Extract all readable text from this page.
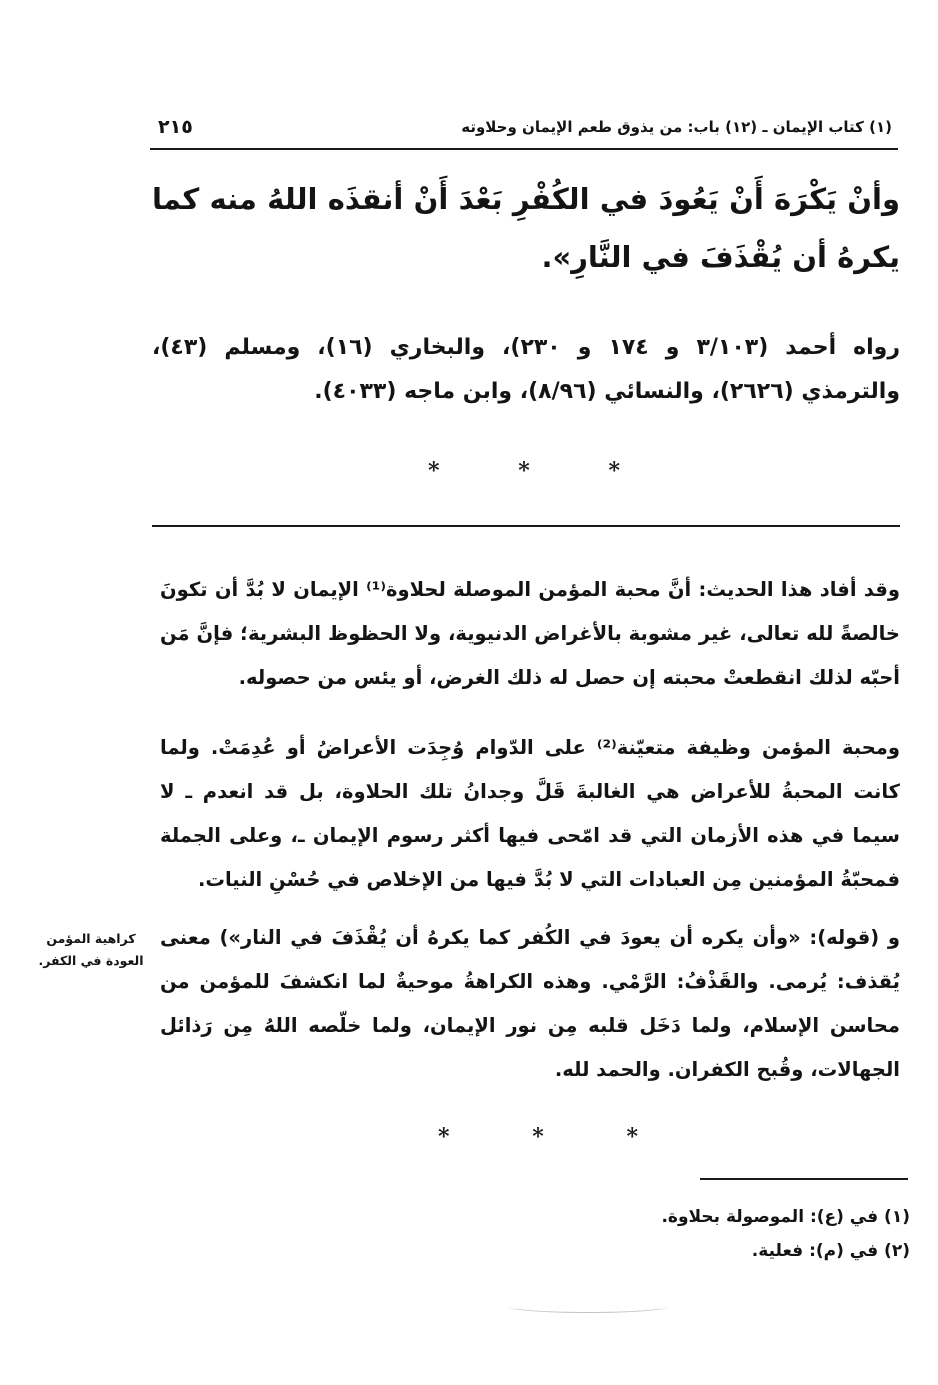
٢١٥	(١) كتاب الإيمان ـ (١٢) باب: من يذوق طعم الإيمان وحلاوته
وأنْ يَكْرَهَ أَنْ يَعُودَ في الكُفْرِ بَعْدَ أَنْ أنقذَه اللهُ منه كما يكرهُ أن يُقْذَفَ في النَّارِ».
رواه أحمد (٣/١٠٣ و ١٧٤ و ٢٣٠)، والبخاري (١٦)، ومسلم (٤٣)، والترمذي (٢٦٢٦)، والنسائي (٨/٩٦)، وابن ماجه (٤٠٣٣).
*	*	*
وقد أفاد هذا الحديث: أنَّ محبة المؤمن الموصلة لحلاوة⁽¹⁾ الإيمان لا بُدَّ أن تكونَ خالصةً لله تعالى، غير مشوبة بالأغراض الدنيوية، ولا الحظوظ البشرية؛ فإنَّ مَن أحبّه لذلك انقطعتْ محبته إن حصل له ذلك الغرض، أو يئس من حصوله.
ومحبة المؤمن وظيفة متعيّنة⁽²⁾ على الدّوام وُجِدَت الأعراضُ أو عُدِمَتْ. ولما كانت المحبةُ للأعراض هي الغالبةَ قَلَّ وجدانُ تلك الحلاوة، بل قد انعدم ـ لا سيما في هذه الأزمان التي قد امّحى فيها أكثر رسوم الإيمان ـ، وعلى الجملة فمحبّةُ المؤمنين مِن العبادات التي لا بُدَّ فيها من الإخلاص في حُسْنِ النيات.
و (قوله): «وأن يكره أن يعودَ في الكُفر كما يكرهُ أن يُقْذَفَ في النار») معنى يُقذف: يُرمى. والقَذْفُ: الرَّمْي. وهذه الكراهةُ موحيةٌ لما انكشفَ للمؤمن من محاسن الإسلام، ولما دَخَل قلبه مِن نور الإيمان، ولما خلّصه اللهُ مِن رَذائل الجهالات، وقُبح الكفران. والحمد لله.
كراهية المؤمن العودة في الكفر.
*	*	*
(١) في (ع): الموصولة بحلاوة.
(٢) في (م): فعلية.
